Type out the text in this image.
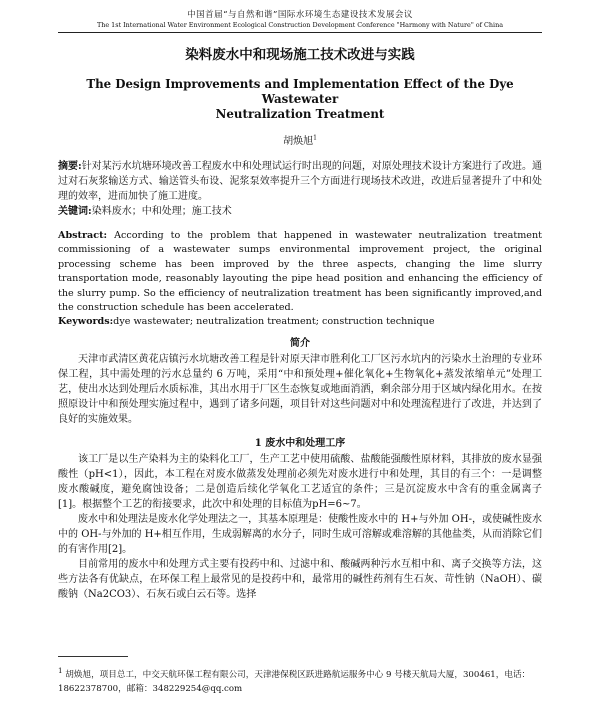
中国首届“与自然和谐”国际水环境生态建设技术发展会议
The 1st International Water Environment Ecological Construction Development Conference "Harmony with Nature" of China
染料废水中和现场施工技术改进与实践
The Design Improvements and Implementation Effect of the Dye Wastewater
Neutralization Treatment
胡焕旭$^1$
摘要:针对某污水坑塘环境改善工程废水中和处理试运行时出现的问题，对原处理技术设计方案进行了改进。通过对石灰浆输送方式、输送管头布设、泥浆泵效率提升三个方面进行现场技术改进，改进后显著提升了中和处理的效率，进而加快了施工进度。
关键词:染料废水；中和处理；施工技术
Abstract: According to the problem that happened in wastewater neutralization treatment commissioning of a wastewater sumps environmental improvement project, the original processing scheme has been improved by the three aspects, changing the lime slurry transportation mode, reasonably layouting the pipe head position and enhancing the efficiency of the slurry pump. So the efficiency of neutralization treatment has been significantly improved,and the construction schedule has been accelerated.
Keywords:dye wastewater; neutralization treatment; construction technique
简介

天津市武清区黄花店镇污水坑塘改善工程是针对原天津市胜利化工厂区污水坑内的污染水土治理的专业环保工程，其中需处理的污水总量约 6 万吨，采用“中和预处理+催化氧化+生物氧化+蒸发浓缩单元”处理工艺，使出水达到处理后水质标准，其出水用于厂区生态恢复或地面消洒，剩余部分用于区域内绿化用水。在按照原设计中和预处理实施过程中，遇到了诸多问题，项目针对这些问题对中和处理流程进行了改进，并达到了良好的实施效果。

1 废水中和处理工序

该工厂是以生产染料为主的染料化工厂，生产工艺中使用硫酸、盐酸能强酸性原材料，其排放的废水显强酸性（pH<1），因此，本工程在对废水做蒸发处理前必须先对废水进行中和处理，其目的有三个：一是调整废水酸碱度，避免腐蚀设备；二是创造后续化学氧化工艺适宜的条件；三是沉淀废水中含有的重金属离子[1]。根据整个工艺的衔接要求，此次中和处理的目标值为pH=6~7。

废水中和处理法是废水化学处理法之一，其基本原理是：使酸性废水中的 H+与外加 OH-，或使碱性废水中的 OH-与外加的 H+相互作用，生成弱解离的水分子，同时生成可溶解或难溶解的其他盐类，从而消除它们的有害作用[2]。

目前常用的废水中和处理方式主要有投药中和、过滤中和、酸碱两种污水互相中和、离子交换等方法，这些方法各有优缺点，在环保工程上最常见的是投药中和，最常用的碱性药剂有生石灰、苛性钠（NaOH）、碳酸钠（Na2CO3）、石灰石或白云石等。选择

$^1$ 胡焕旭，项目总工，中交天航环保工程有限公司，天津港保税区跃进路航运服务中心 9 号楼天航局大厦，300461，电话：18622378700，邮箱：348229254@qq.com
